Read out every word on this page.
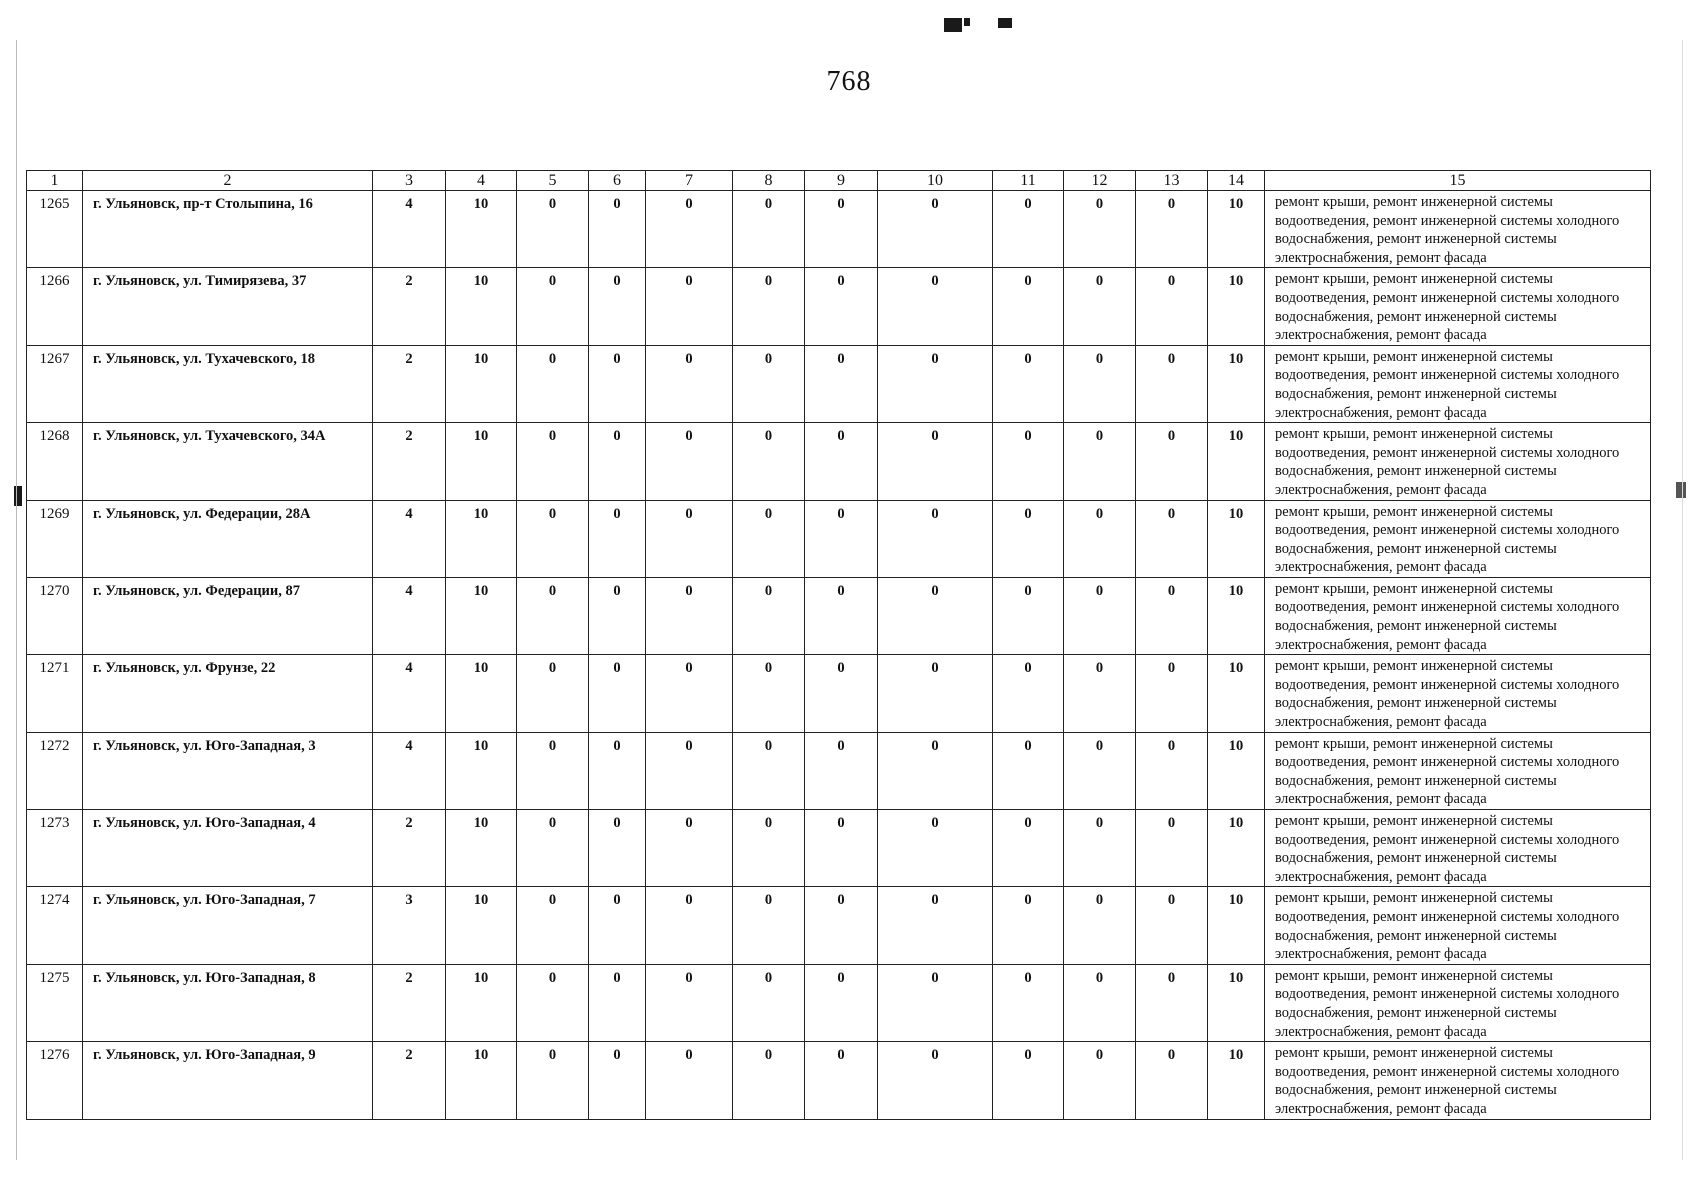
768
1	2	3	4	5	6	7	8	9	10	11	12	13	14	15
1265	г. Ульяновск, пр-т Столыпина, 16	4	10	0	0	0	0	0	0	0	0	0	10	ремонт крыши, ремонт инженерной системы водоотведения, ремонт инженерной системы холодного водоснабжения, ремонт инженерной системы электроснабжения, ремонт фасада
1266	г. Ульяновск, ул. Тимирязева, 37	2	10	0	0	0	0	0	0	0	0	0	10	ремонт крыши, ремонт инженерной системы водоотведения, ремонт инженерной системы холодного водоснабжения, ремонт инженерной системы электроснабжения, ремонт фасада
1267	г. Ульяновск, ул. Тухачевского, 18	2	10	0	0	0	0	0	0	0	0	0	10	ремонт крыши, ремонт инженерной системы водоотведения, ремонт инженерной системы холодного водоснабжения, ремонт инженерной системы электроснабжения, ремонт фасада
1268	г. Ульяновск, ул. Тухачевского, 34А	2	10	0	0	0	0	0	0	0	0	0	10	ремонт крыши, ремонт инженерной системы водоотведения, ремонт инженерной системы холодного водоснабжения, ремонт инженерной системы электроснабжения, ремонт фасада
1269	г. Ульяновск, ул. Федерации, 28А	4	10	0	0	0	0	0	0	0	0	0	10	ремонт крыши, ремонт инженерной системы водоотведения, ремонт инженерной системы холодного водоснабжения, ремонт инженерной системы электроснабжения, ремонт фасада
1270	г. Ульяновск, ул. Федерации, 87	4	10	0	0	0	0	0	0	0	0	0	10	ремонт крыши, ремонт инженерной системы водоотведения, ремонт инженерной системы холодного водоснабжения, ремонт инженерной системы электроснабжения, ремонт фасада
1271	г. Ульяновск, ул. Фрунзе, 22	4	10	0	0	0	0	0	0	0	0	0	10	ремонт крыши, ремонт инженерной системы водоотведения, ремонт инженерной системы холодного водоснабжения, ремонт инженерной системы электроснабжения, ремонт фасада
1272	г. Ульяновск, ул. Юго-Западная, 3	4	10	0	0	0	0	0	0	0	0	0	10	ремонт крыши, ремонт инженерной системы водоотведения, ремонт инженерной системы холодного водоснабжения, ремонт инженерной системы электроснабжения, ремонт фасада
1273	г. Ульяновск, ул. Юго-Западная, 4	2	10	0	0	0	0	0	0	0	0	0	10	ремонт крыши, ремонт инженерной системы водоотведения, ремонт инженерной системы холодного водоснабжения, ремонт инженерной системы электроснабжения, ремонт фасада
1274	г. Ульяновск, ул. Юго-Западная, 7	3	10	0	0	0	0	0	0	0	0	0	10	ремонт крыши, ремонт инженерной системы водоотведения, ремонт инженерной системы холодного водоснабжения, ремонт инженерной системы электроснабжения, ремонт фасада
1275	г. Ульяновск, ул. Юго-Западная, 8	2	10	0	0	0	0	0	0	0	0	0	10	ремонт крыши, ремонт инженерной системы водоотведения, ремонт инженерной системы холодного водоснабжения, ремонт инженерной системы электроснабжения, ремонт фасада
1276	г. Ульяновск, ул. Юго-Западная, 9	2	10	0	0	0	0	0	0	0	0	0	10	ремонт крыши, ремонт инженерной системы водоотведения, ремонт инженерной системы холодного водоснабжения, ремонт инженерной системы электроснабжения, ремонт фасада
